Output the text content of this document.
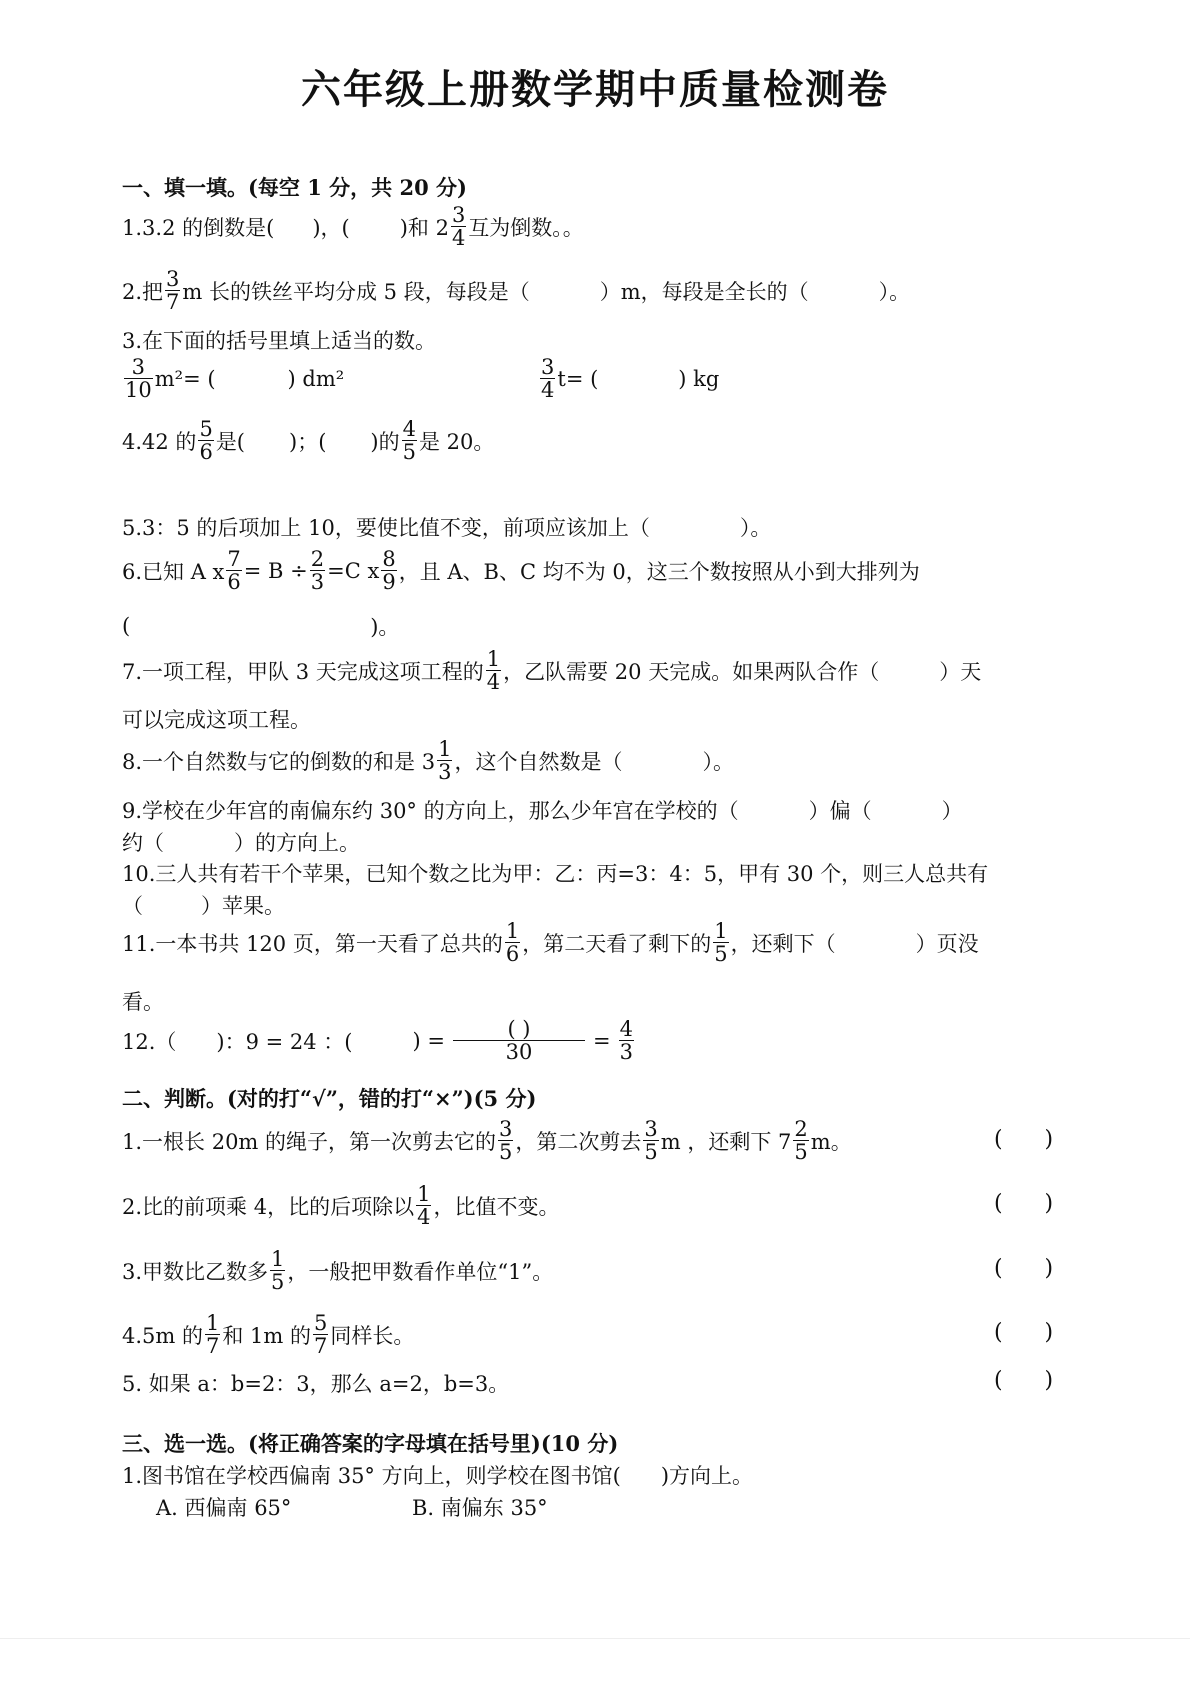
六年级上册数学期中质量检测卷
一、填一填。(每空 1 分，共 20 分)
1.3.2 的倒数是( )，( )和 $2 \frac{3}{4}$ 互为倒数。。
2.把 $\frac{3}{7}$ m 长的铁丝平均分成 5 段，每段是（	）m，每段是全长的（	）。
3.在下面的括号里填上适当的数。
$\frac{3}{10} m^2=$ (	) dm²	$\frac{3}{4} t=$ (	) kg
4.42 的 $\frac{5}{6}$ 是( )；( )的 $\frac{4}{5}$ 是 20。
5.3：5 的后项加上 10，要使比值不变，前项应该加上（	）。
6.已知 A x $\frac{7}{6} = B \div \frac{2}{3} =C$ x $\frac{8}{9}$ ，且 A、B、C 均不为 0，这三个数按照从小到大排列为
(	)。
7.一项工程，甲队 3 天完成这项工程的 $\frac{1}{4}$ ，乙队需要 20 天完成。如果两队合作（	）天
可以完成这项工程。
8.一个自然数与它的倒数的和是 $3 \frac{1}{3}$ ，这个自然数是（	）。
9.学校在少年宫的南偏东约 30° 的方向上，那么少年宫在学校的（	）偏（	）
约（	）的方向上。
10.三人共有若干个苹果，已知个数之比为甲：乙：丙=3：4：5，甲有 30 个，则三人总共有
（	）苹果。
11.一本书共 120 页，第一天看了总共的 $\frac{1}{6}$ ，第二天看了剩下的 $\frac{1}{5}$ ，还剩下（	）页没
看。
12.（ )：9 = 24 ：(	) = $\frac{( )}{30} = \frac{4}{3}$
二、判断。(对的打“√”，错的打“×”)(5 分)
1.一根长 20m 的绳子，第一次剪去它的 $\frac{3}{5}$ ，第二次剪去 $\frac{3}{5}$ m ，还剩下 $7 \frac{2}{5}$ m。	(      )
2.比的前项乘 4，比的后项除以 $\frac{1}{4}$ ，比值不变。	(      )
3.甲数比乙数多 $\frac{1}{5}$ ，一般把甲数看作单位“1”。	(      )
4.5m 的 $\frac{1}{7}$ 和 1m 的 $\frac{5}{7}$ 同样长。	(      )
5. 如果 a：b=2：3，那么 a=2，b=3。	(      )
三、选一选。(将正确答案的字母填在括号里)(10 分)
1.图书馆在学校西偏南 35° 方向上，则学校在图书馆( )方向上。
A. 西偏南 65°	B. 南偏东 35°
